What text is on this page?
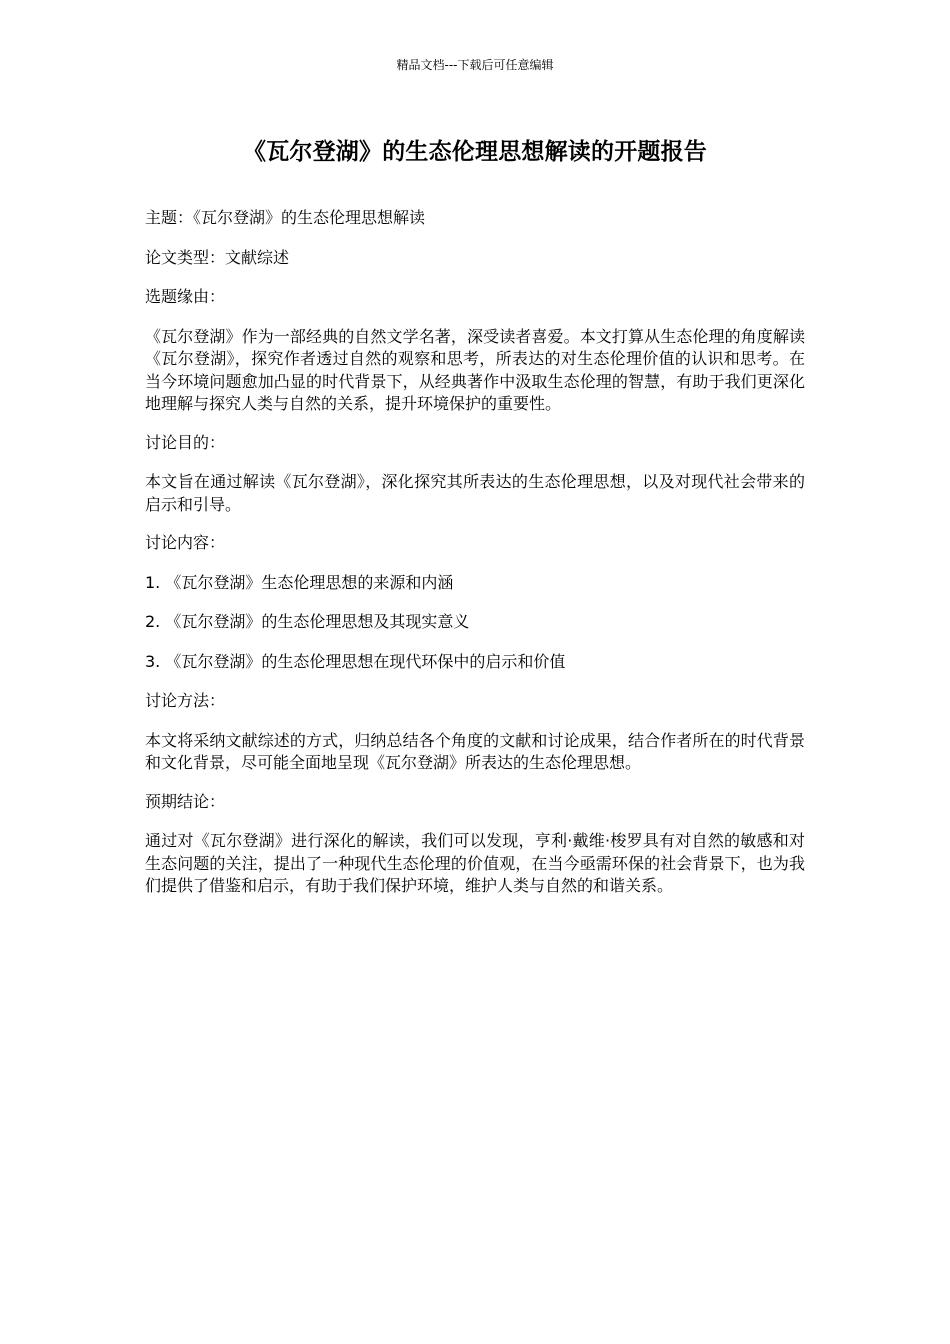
精品文档---下载后可任意编辑
《瓦尔登湖》的生态伦理思想解读的开题报告

主题：《瓦尔登湖》的生态伦理思想解读

论文类型：文献综述

选题缘由：

《瓦尔登湖》作为一部经典的自然文学名著，深受读者喜爱。本文打算从生态伦理的角度解读《瓦尔登湖》，探究作者透过自然的观察和思考，所表达的对生态伦理价值的认识和思考。在当今环境问题愈加凸显的时代背景下，从经典著作中汲取生态伦理的智慧，有助于我们更深化地理解与探究人类与自然的关系，提升环境保护的重要性。

讨论目的：

本文旨在通过解读《瓦尔登湖》，深化探究其所表达的生态伦理思想，以及对现代社会带来的启示和引导。

讨论内容：

1. 《瓦尔登湖》生态伦理思想的来源和内涵

2. 《瓦尔登湖》的生态伦理思想及其现实意义

3. 《瓦尔登湖》的生态伦理思想在现代环保中的启示和价值

讨论方法：

本文将采纳文献综述的方式，归纳总结各个角度的文献和讨论成果，结合作者所在的时代背景和文化背景，尽可能全面地呈现《瓦尔登湖》所表达的生态伦理思想。

预期结论：

通过对《瓦尔登湖》进行深化的解读，我们可以发现，亨利·戴维·梭罗具有对自然的敏感和对生态问题的关注，提出了一种现代生态伦理的价值观，在当今亟需环保的社会背景下，也为我们提供了借鉴和启示，有助于我们保护环境，维护人类与自然的和谐关系。
